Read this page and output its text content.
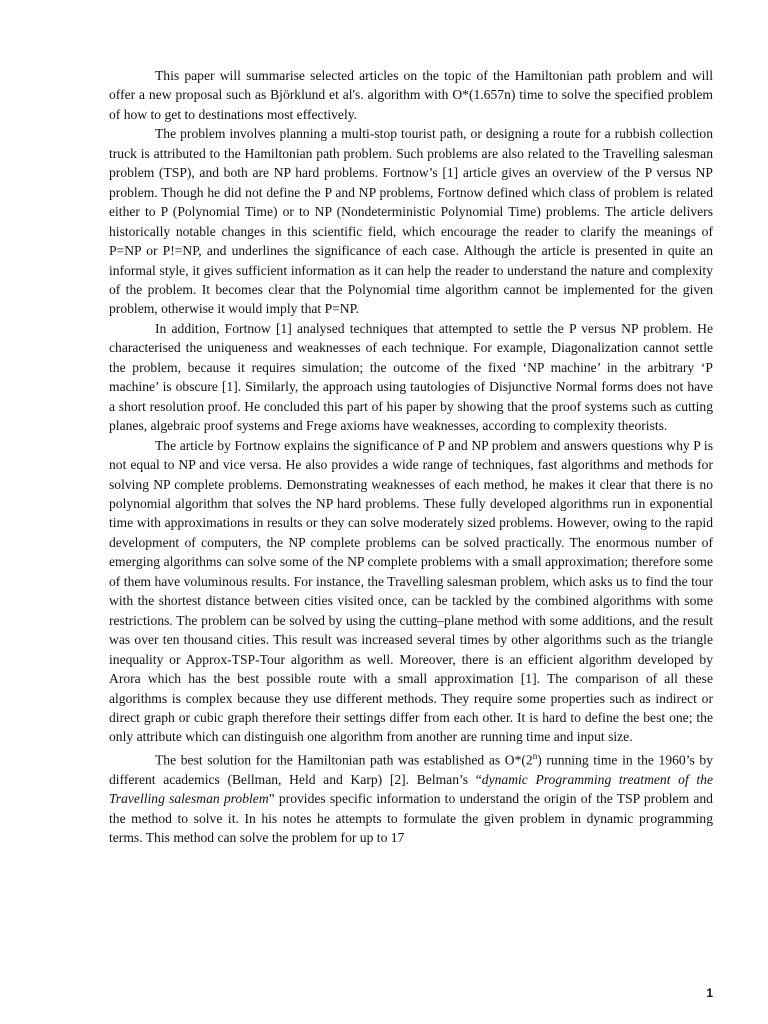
This paper will summarise selected articles on the topic of the Hamiltonian path problem and will offer a new proposal such as Björklund et al's. algorithm with O*(1.657n) time to solve the specified problem of how to get to destinations most effectively.

The problem involves planning a multi-stop tourist path, or designing a route for a rubbish collection truck is attributed to the Hamiltonian path problem. Such problems are also related to the Travelling salesman problem (TSP), and both are NP hard problems. Fortnow’s [1] article gives an overview of the P versus NP problem. Though he did not define the P and NP problems, Fortnow defined which class of problem is related either to P (Polynomial Time) or to NP (Nondeterministic Polynomial Time) problems. The article delivers historically notable changes in this scientific field, which encourage the reader to clarify the meanings of P=NP or P!=NP, and underlines the significance of each case. Although the article is presented in quite an informal style, it gives sufficient information as it can help the reader to understand the nature and complexity of the problem. It becomes clear that the Polynomial time algorithm cannot be implemented for the given problem, otherwise it would imply that P=NP.

In addition, Fortnow [1] analysed techniques that attempted to settle the P versus NP problem. He characterised the uniqueness and weaknesses of each technique. For example, Diagonalization cannot settle the problem, because it requires simulation; the outcome of the fixed ‘NP machine’ in the arbitrary ‘P machine’ is obscure [1]. Similarly, the approach using tautologies of Disjunctive Normal forms does not have a short resolution proof. He concluded this part of his paper by showing that the proof systems such as cutting planes, algebraic proof systems and Frege axioms have weaknesses, according to complexity theorists.

The article by Fortnow explains the significance of P and NP problem and answers questions why P is not equal to NP and vice versa. He also provides a wide range of techniques, fast algorithms and methods for solving NP complete problems. Demonstrating weaknesses of each method, he makes it clear that there is no polynomial algorithm that solves the NP hard problems. These fully developed algorithms run in exponential time with approximations in results or they can solve moderately sized problems. However, owing to the rapid development of computers, the NP complete problems can be solved practically. The enormous number of emerging algorithms can solve some of the NP complete problems with a small approximation; therefore some of them have voluminous results. For instance, the Travelling salesman problem, which asks us to find the tour with the shortest distance between cities visited once, can be tackled by the combined algorithms with some restrictions. The problem can be solved by using the cutting–plane method with some additions, and the result was over ten thousand cities. This result was increased several times by other algorithms such as the triangle inequality or Approx-TSP-Tour algorithm as well. Moreover, there is an efficient algorithm developed by Arora which has the best possible route with a small approximation [1]. The comparison of all these algorithms is complex because they use different methods. They require some properties such as indirect or direct graph or cubic graph therefore their settings differ from each other. It is hard to define the best one; the only attribute which can distinguish one algorithm from another are running time and input size.

The best solution for the Hamiltonian path was established as O*(2$^n$) running time in the 1960’s by different academics (Bellman, Held and Karp) [2]. Belman’s “dynamic Programming treatment of the Travelling salesman problem” provides specific information to understand the origin of the TSP problem and the method to solve it. In his notes he attempts to formulate the given problem in dynamic programming terms. This method can solve the problem for up to 17

1
